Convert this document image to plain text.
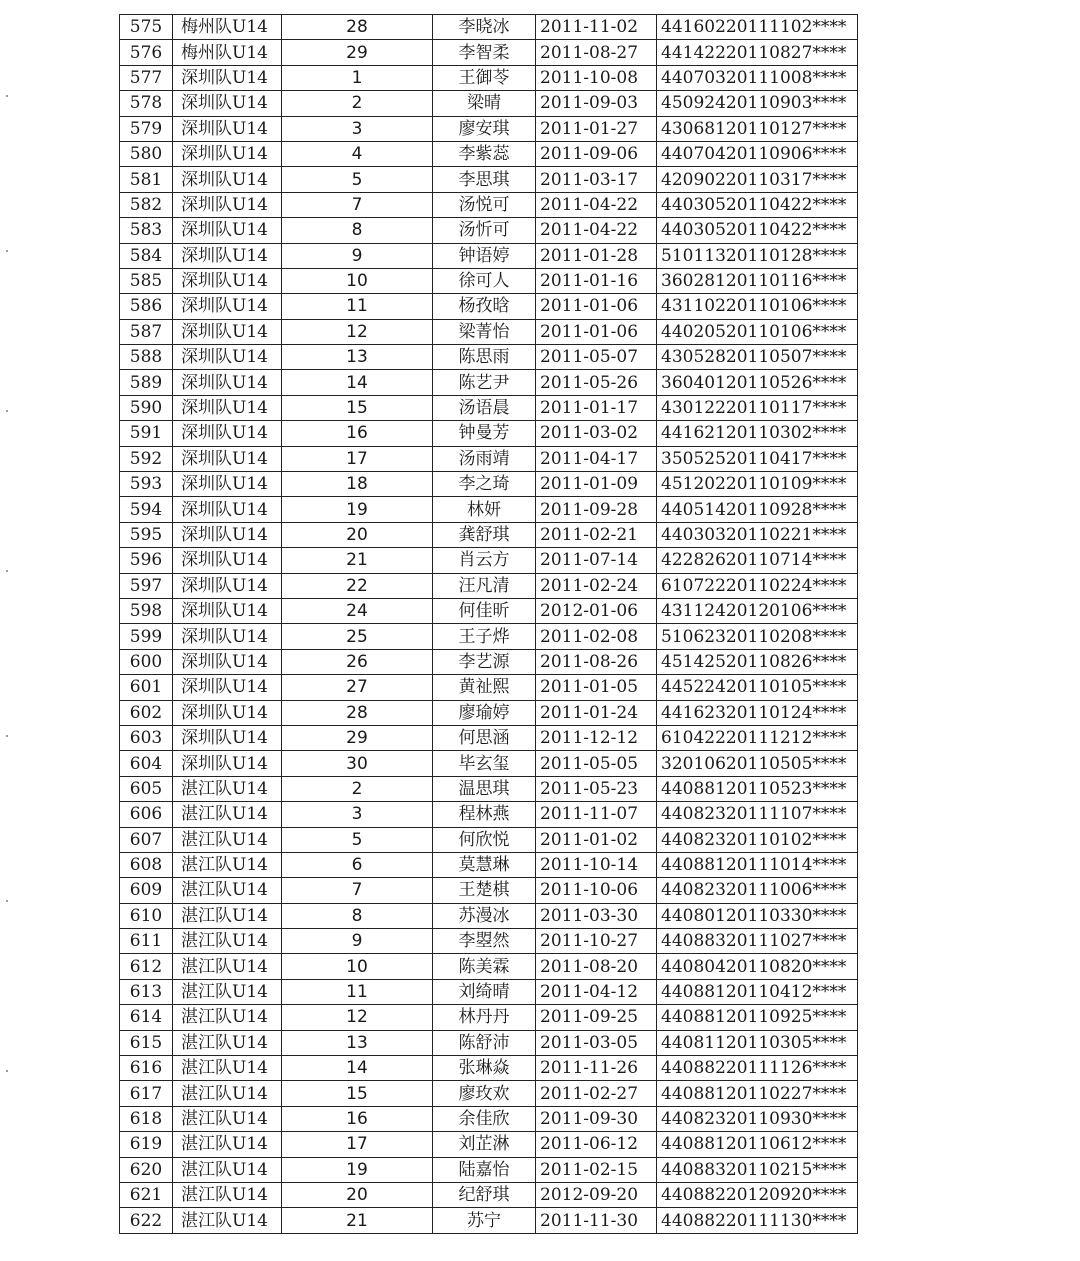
575	梅州队U14	28	李晓冰	2011-11-02	44160220111102****
576	梅州队U14	29	李智柔	2011-08-27	44142220110827****
577	深圳队U14	1	王御苓	2011-10-08	44070320111008****
578	深圳队U14	2	梁晴	2011-09-03	45092420110903****
579	深圳队U14	3	廖安琪	2011-01-27	43068120110127****
580	深圳队U14	4	李紫蕊	2011-09-06	44070420110906****
581	深圳队U14	5	李思琪	2011-03-17	42090220110317****
582	深圳队U14	7	汤悦可	2011-04-22	44030520110422****
583	深圳队U14	8	汤忻可	2011-04-22	44030520110422****
584	深圳队U14	9	钟语婷	2011-01-28	51011320110128****
585	深圳队U14	10	徐可人	2011-01-16	36028120110116****
586	深圳队U14	11	杨孜晗	2011-01-06	43110220110106****
587	深圳队U14	12	梁菁怡	2011-01-06	44020520110106****
588	深圳队U14	13	陈思雨	2011-05-07	43052820110507****
589	深圳队U14	14	陈艺尹	2011-05-26	36040120110526****
590	深圳队U14	15	汤语晨	2011-01-17	43012220110117****
591	深圳队U14	16	钟曼芳	2011-03-02	44162120110302****
592	深圳队U14	17	汤雨靖	2011-04-17	35052520110417****
593	深圳队U14	18	李之琦	2011-01-09	45120220110109****
594	深圳队U14	19	林妍	2011-09-28	44051420110928****
595	深圳队U14	20	龚舒琪	2011-02-21	44030320110221****
596	深圳队U14	21	肖云方	2011-07-14	42282620110714****
597	深圳队U14	22	汪凡清	2011-02-24	61072220110224****
598	深圳队U14	24	何佳昕	2012-01-06	43112420120106****
599	深圳队U14	25	王子烨	2011-02-08	51062320110208****
600	深圳队U14	26	李艺源	2011-08-26	45142520110826****
601	深圳队U14	27	黄祉熙	2011-01-05	44522420110105****
602	深圳队U14	28	廖瑜婷	2011-01-24	44162320110124****
603	深圳队U14	29	何思涵	2011-12-12	61042220111212****
604	深圳队U14	30	毕玄玺	2011-05-05	32010620110505****
605	湛江队U14	2	温思琪	2011-05-23	44088120110523****
606	湛江队U14	3	程林燕	2011-11-07	44082320111107****
607	湛江队U14	5	何欣悦	2011-01-02	44082320110102****
608	湛江队U14	6	莫慧琳	2011-10-14	44088120111014****
609	湛江队U14	7	王楚棋	2011-10-06	44082320111006****
610	湛江队U14	8	苏漫冰	2011-03-30	44080120110330****
611	湛江队U14	9	李曌然	2011-10-27	44088320111027****
612	湛江队U14	10	陈美霖	2011-08-20	44080420110820****
613	湛江队U14	11	刘绮晴	2011-04-12	44088120110412****
614	湛江队U14	12	林丹丹	2011-09-25	44088120110925****
615	湛江队U14	13	陈舒沛	2011-03-05	44081120110305****
616	湛江队U14	14	张琳焱	2011-11-26	44088220111126****
617	湛江队U14	15	廖玫欢	2011-02-27	44088120110227****
618	湛江队U14	16	余佳欣	2011-09-30	44082320110930****
619	湛江队U14	17	刘芷淋	2011-06-12	44088120110612****
620	湛江队U14	19	陆嘉怡	2011-02-15	44088320110215****
621	湛江队U14	20	纪舒琪	2012-09-20	44088220120920****
622	湛江队U14	21	苏宁	2011-11-30	44088220111130****
